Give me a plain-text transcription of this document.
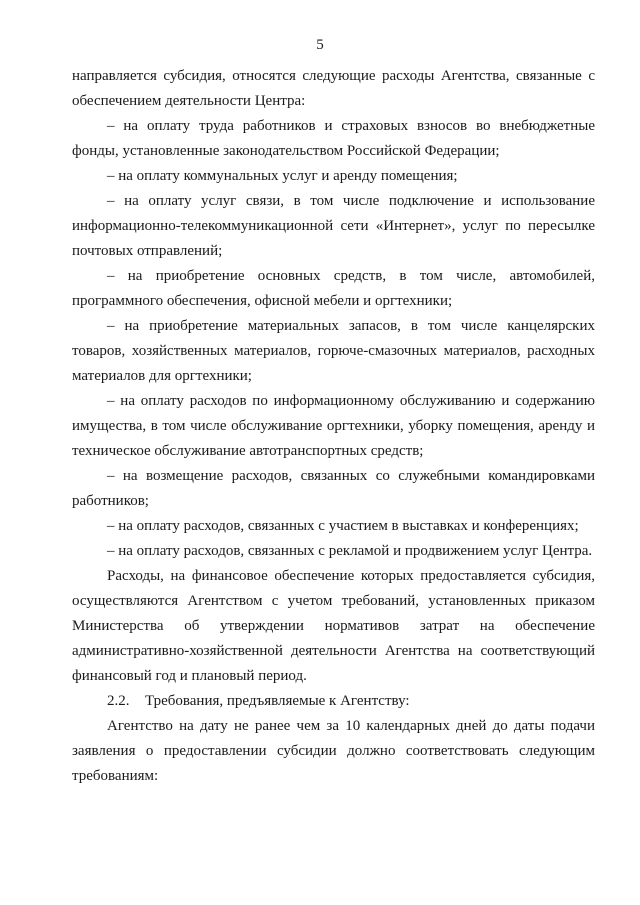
5

направляется субсидия, относятся следующие расходы Агентства, связанные с обеспечением деятельности Центра:

– на оплату труда работников и страховых взносов во внебюджетные фонды, установленные законодательством Российской Федерации;

– на оплату коммунальных услуг и аренду помещения;

– на оплату услуг связи, в том числе подключение и использование информационно-телекоммуникационной сети «Интернет», услуг по пересылке почтовых отправлений;

– на приобретение основных средств, в том числе, автомобилей, программного обеспечения, офисной мебели и оргтехники;

– на приобретение материальных запасов, в том числе канцелярских товаров, хозяйственных материалов, горюче-смазочных материалов, расходных материалов для оргтехники;

– на оплату расходов по информационному обслуживанию и содержанию имущества, в том числе обслуживание оргтехники, уборку помещения, аренду и техническое обслуживание автотранспортных средств;

– на возмещение расходов, связанных со служебными командировками работников;

– на оплату расходов, связанных с участием в выставках и конференциях;

– на оплату расходов, связанных с рекламой и продвижением услуг Центра.

Расходы, на финансовое обеспечение которых предоставляется субсидия, осуществляются Агентством с учетом требований, установленных приказом Министерства об утверждении нормативов затрат на обеспечение административно-хозяйственной деятельности Агентства на соответствующий финансовый год и плановый период.

2.2. Требования, предъявляемые к Агентству:

Агентство на дату не ранее чем за 10 календарных дней до даты подачи заявления о предоставлении субсидии должно соответствовать следующим требованиям:
